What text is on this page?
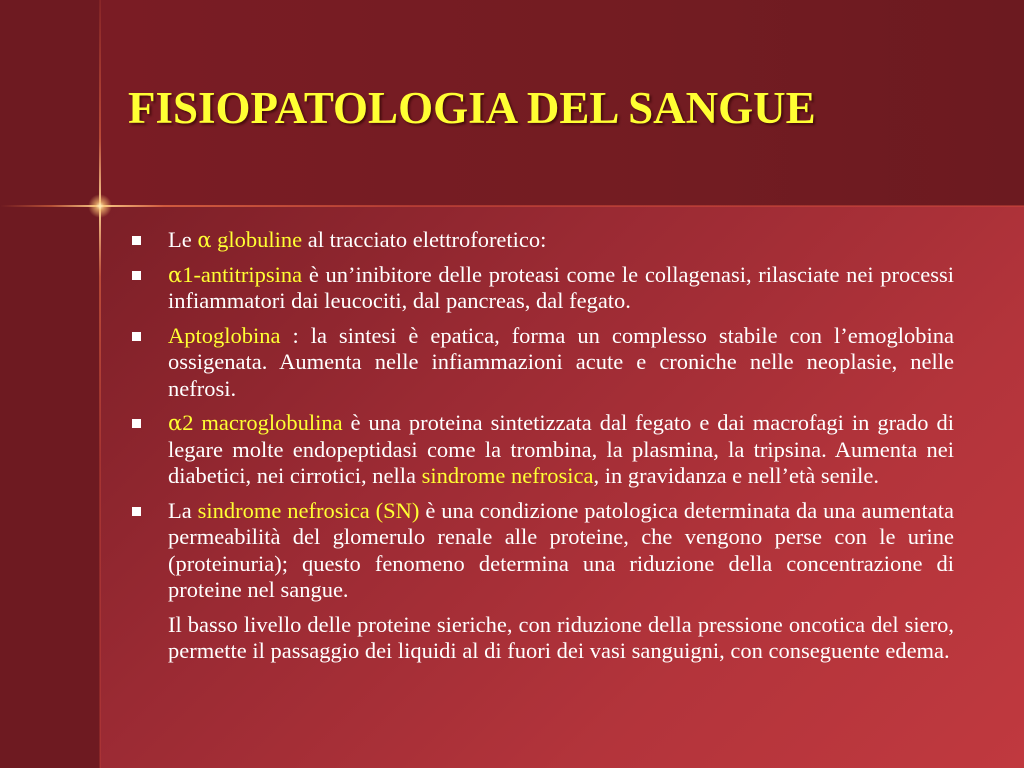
FISIOPATOLOGIA DEL SANGUE
Le α globuline al tracciato elettroforetico:
α1-antitripsina è un’inibitore delle proteasi come le collagenasi, rilasciate nei processi infiammatori dai leucociti, dal pancreas, dal fegato.
Aptoglobina : la sintesi è epatica, forma un complesso stabile con l’emoglobina ossigenata. Aumenta nelle infiammazioni acute e croniche nelle neoplasie, nelle nefrosi.
α2 macroglobulina è una proteina sintetizzata dal fegato e dai macrofagi in grado di legare molte endopeptidasi come la trombina, la plasmina, la tripsina. Aumenta nei diabetici, nei cirrotici, nella sindrome nefrosica, in gravidanza e nell’età senile.
La sindrome nefrosica (SN) è una condizione patologica determinata da una aumentata permeabilità del glomerulo renale alle proteine, che vengono perse con le urine (proteinuria); questo fenomeno determina una riduzione della concentrazione di proteine nel sangue.
Il basso livello delle proteine sieriche, con riduzione della pressione oncotica del siero, permette il passaggio dei liquidi al di fuori dei vasi sanguigni, con conseguente edema.
